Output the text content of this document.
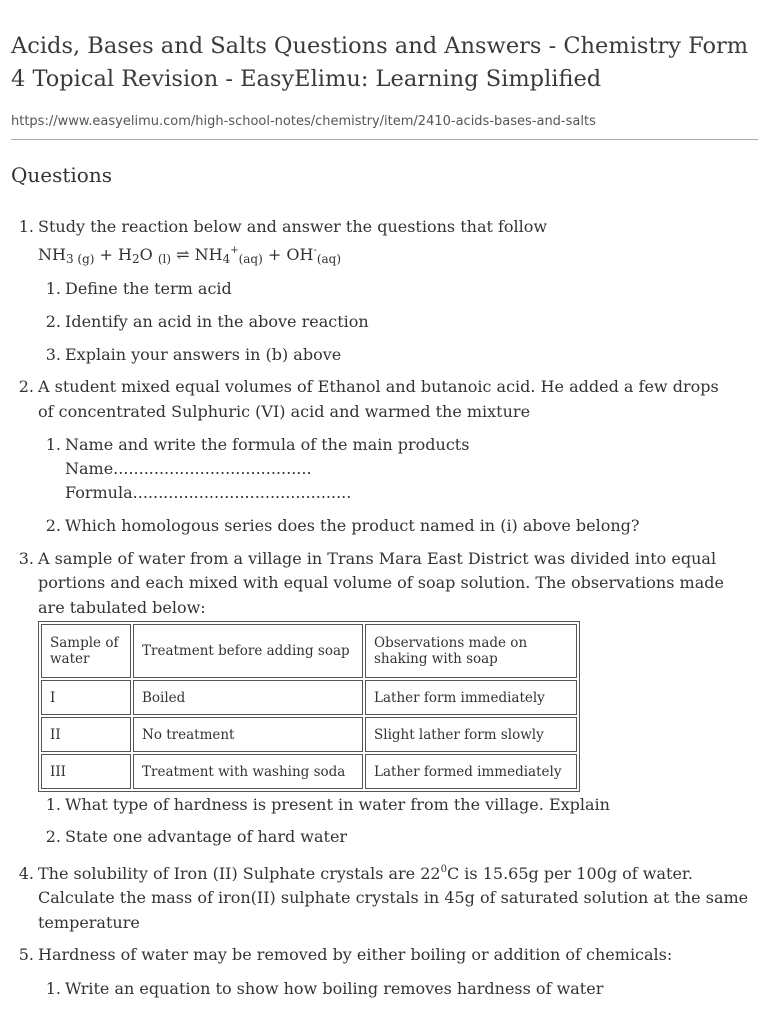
Acids, Bases and Salts Questions and Answers - Chemistry Form 4 Topical Revision - EasyElimu: Learning Simplified

https://www.easyelimu.com/high-school-notes/chemistry/item/2410-acids-bases-and-salts

Questions
1. Study the reaction below and answer the questions that follow
$NH_{3 (g)} + H_2O$ $_{(l)}$ ⇌ $NH_4^+_{(aq)} + OH^-_{(aq)}$
1. Define the term acid
2. Identify an acid in the above reaction
3. Explain your answers in (b) above
2. A student mixed equal volumes of Ethanol and butanoic acid. He added a few drops
of concentrated Sulphuric (VI) acid and warmed the mixture
1. Name and write the formula of the main products
Name.......................................
Formula...........................................
2. Which homologous series does the product named in (i) above belong?
3. A sample of water from a village in Trans Mara East District was divided into equal
portions and each mixed with equal volume of soap solution. The observations made
are tabulated below:
Sample of water	Treatment before adding soap	Observations made on shaking with soap
I	Boiled	Lather form immediately
II	No treatment	Slight lather form slowly
III	Treatment with washing soda	Lather formed immediately
1. What type of hardness is present in water from the village. Explain
2. State one advantage of hard water
4. The solubility of Iron (II) Sulphate crystals are $22^0C$ is 15.65g per 100g of water.
Calculate the mass of iron(II) sulphate crystals in 45g of saturated solution at the same
temperature
5. Hardness of water may be removed by either boiling or addition of chemicals:
1. Write an equation to show how boiling removes hardness of water
